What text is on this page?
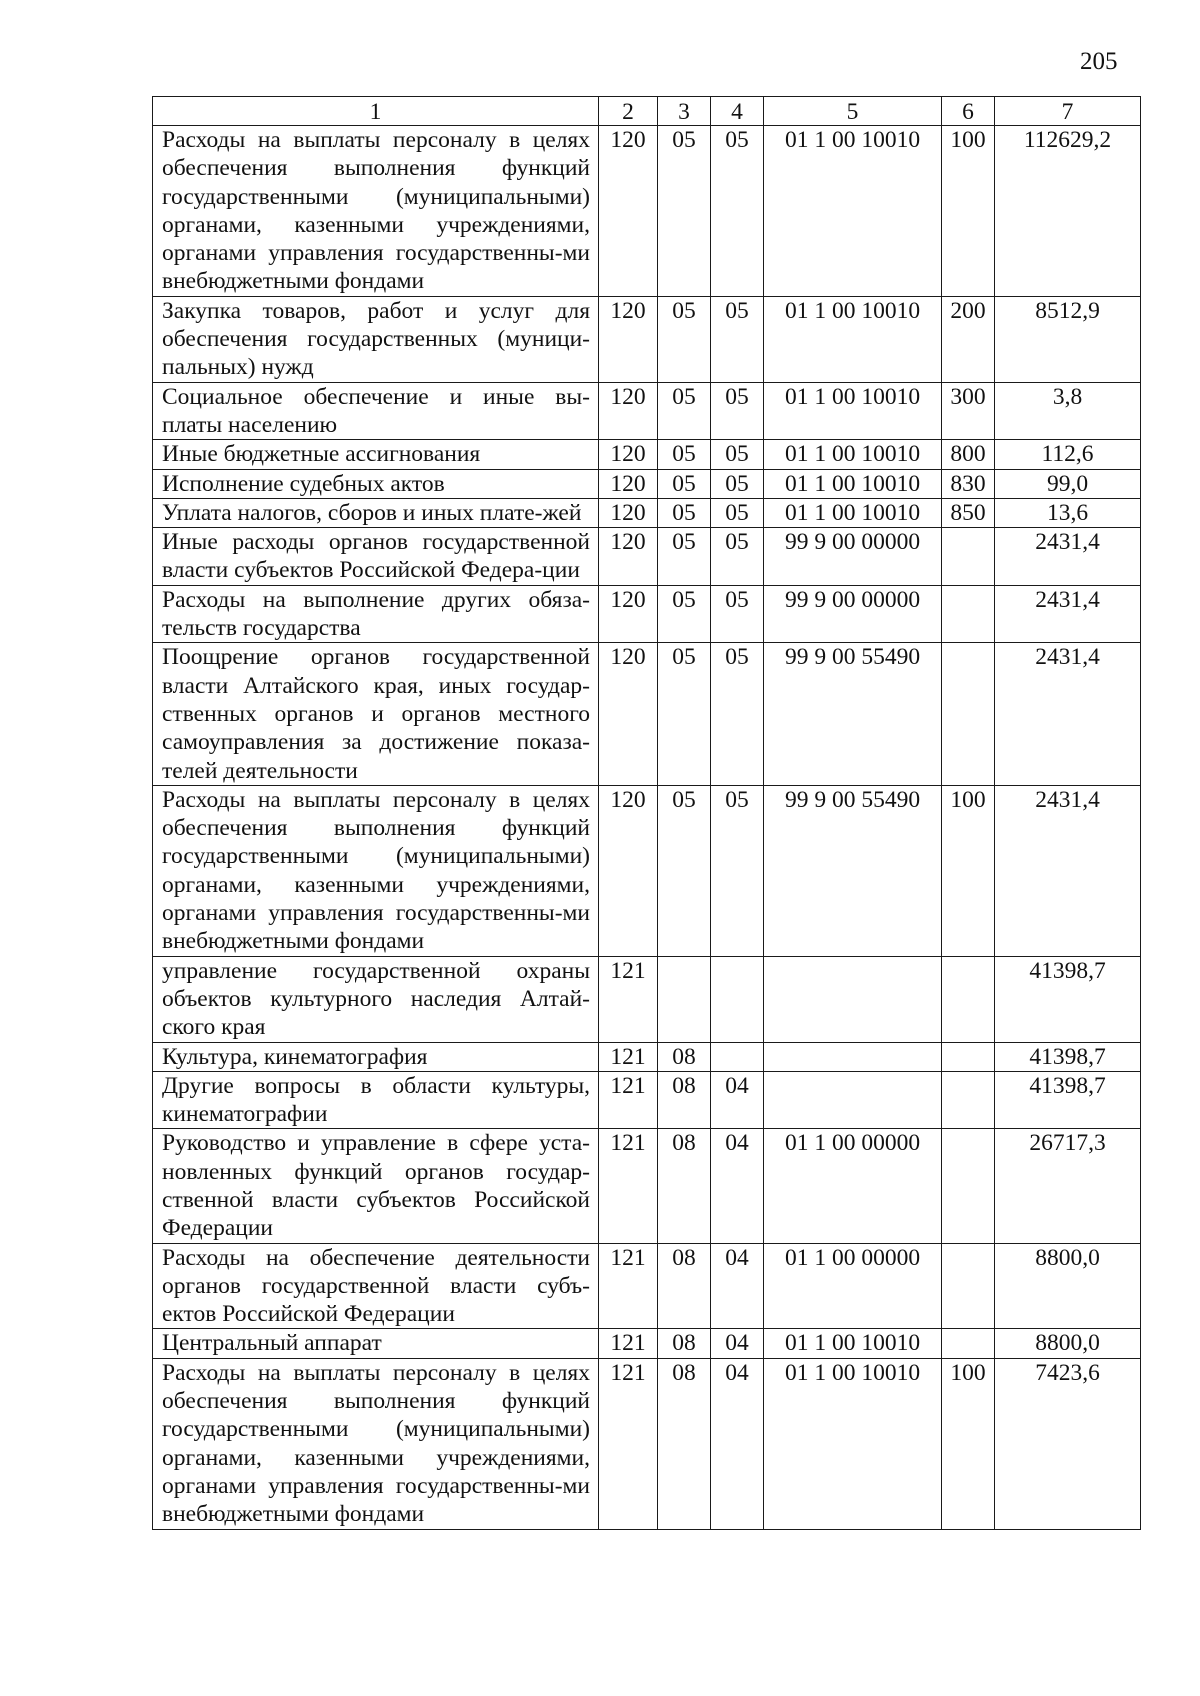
205
1	2	3	4	5	6	7
Расходы на выплаты персоналу в целях обеспечения выполнения функций государственными (муниципальными) органами, казенными учреждениями, органами управления государственны-ми внебюджетными фондами	120	05	05	01 1 00 10010	100	112629,2
Закупка товаров, работ и услуг для обеспечения государственных (муници-пальных) нужд	120	05	05	01 1 00 10010	200	8512,9
Социальное обеспечение и иные вы-платы населению	120	05	05	01 1 00 10010	300	3,8
Иные бюджетные ассигнования	120	05	05	01 1 00 10010	800	112,6
Исполнение судебных актов	120	05	05	01 1 00 10010	830	99,0
Уплата налогов, сборов и иных плате-жей	120	05	05	01 1 00 10010	850	13,6
Иные расходы органов государственной власти субъектов Российской Федера-ции	120	05	05	99 9 00 00000		2431,4
Расходы на выполнение других обяза-тельств государства	120	05	05	99 9 00 00000		2431,4
Поощрение органов государственной власти Алтайского края, иных государ-ственных органов и органов местного самоуправления за достижение показа-телей деятельности	120	05	05	99 9 00 55490		2431,4
Расходы на выплаты персоналу в целях обеспечения выполнения функций государственными (муниципальными) органами, казенными учреждениями, органами управления государственны-ми внебюджетными фондами	120	05	05	99 9 00 55490	100	2431,4
управление государственной охраны объектов культурного наследия Алтай-ского края	121					41398,7
Культура, кинематография	121	08				41398,7
Другие вопросы в области культуры, кинематографии	121	08	04			41398,7
Руководство и управление в сфере уста-новленных функций органов государ-ственной власти субъектов Российской Федерации	121	08	04	01 1 00 00000		26717,3
Расходы на обеспечение деятельности органов государственной власти субъ-ектов Российской Федерации	121	08	04	01 1 00 00000		8800,0
Центральный аппарат	121	08	04	01 1 00 10010		8800,0
Расходы на выплаты персоналу в целях обеспечения выполнения функций государственными (муниципальными) органами, казенными учреждениями, органами управления государственны-ми внебюджетными фондами	121	08	04	01 1 00 10010	100	7423,6
